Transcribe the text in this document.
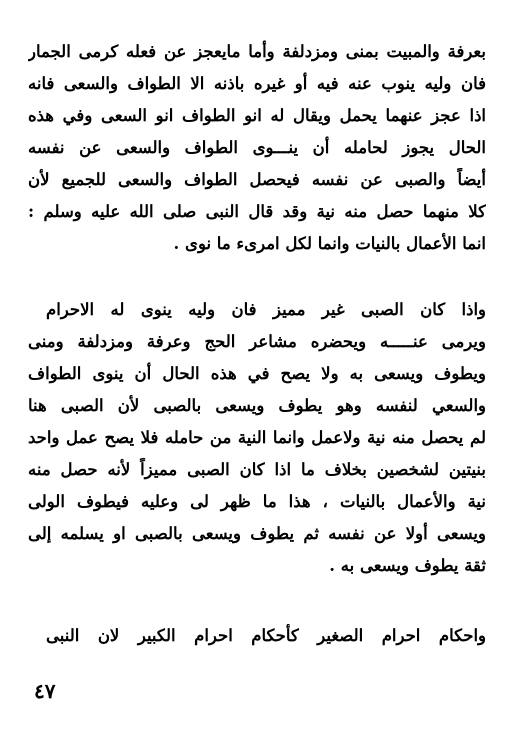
بعرفة والمبيت بمنى ومزدلفة وأما مايعجز عن فعله كرمى الجمار
فان وليه ينوب عنه فيه أو غيره باذنه الا الطواف والسعى فانه
اذا عجز عنهما يحمل ويقال له انو الطواف انو السعى وفي هذه
الحال يجوز لحامله أن ينـــوى الطواف والسعى عن نفسه
أيضاً والصبى عن نفسه فيحصل الطواف والسعى للجميع لأن
كلا منهما حصل منه نية وقد قال النبى صلى الله عليه وسلم :
انما الأعمال بالنيات وانما لكل امرىء ما نوى .
واذا كان الصبى غير مميز فان وليه ينوى له الاحرام
ويرمى عنـــــه ويحضره مشاعر الحج وعرفة ومزدلفة ومنى
ويطوف ويسعى به ولا يصح في هذه الحال أن ينوى الطواف
والسعي لنفسه وهو يطوف ويسعى بالصبى لأن الصبى هنا
لم يحصل منه نية ولاعمل وانما النية من حامله فلا يصح عمل واحد
بنيتين لشخصين بخلاف ما اذا كان الصبى مميزاً لأنه حصل منه
نية والأعمال بالنيات ، هذا ما ظهر لى وعليه فيطوف الولى
ويسعى أولا عن نفسه ثم يطوف ويسعى بالصبى او يسلمه إلى
ثقة يطوف ويسعى به .
واحكام احرام الصغير كأحكام احرام الكبير لان النبى
٤٧
